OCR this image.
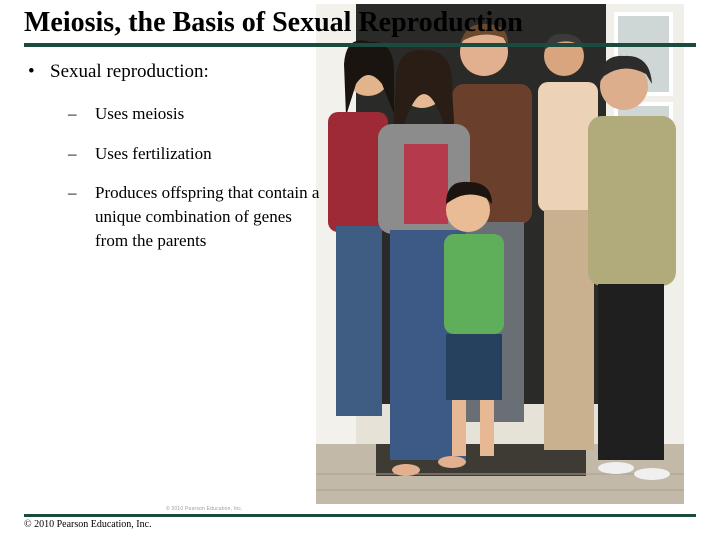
Meiosis, the Basis of Sexual Reproduction
• Sexual reproduction:
– Uses meiosis
– Uses fertilization
– Produces offspring that contain a unique combination of genes from the parents
© 2010 Pearson Education, Inc.
© 2010 Pearson Education, Inc.
